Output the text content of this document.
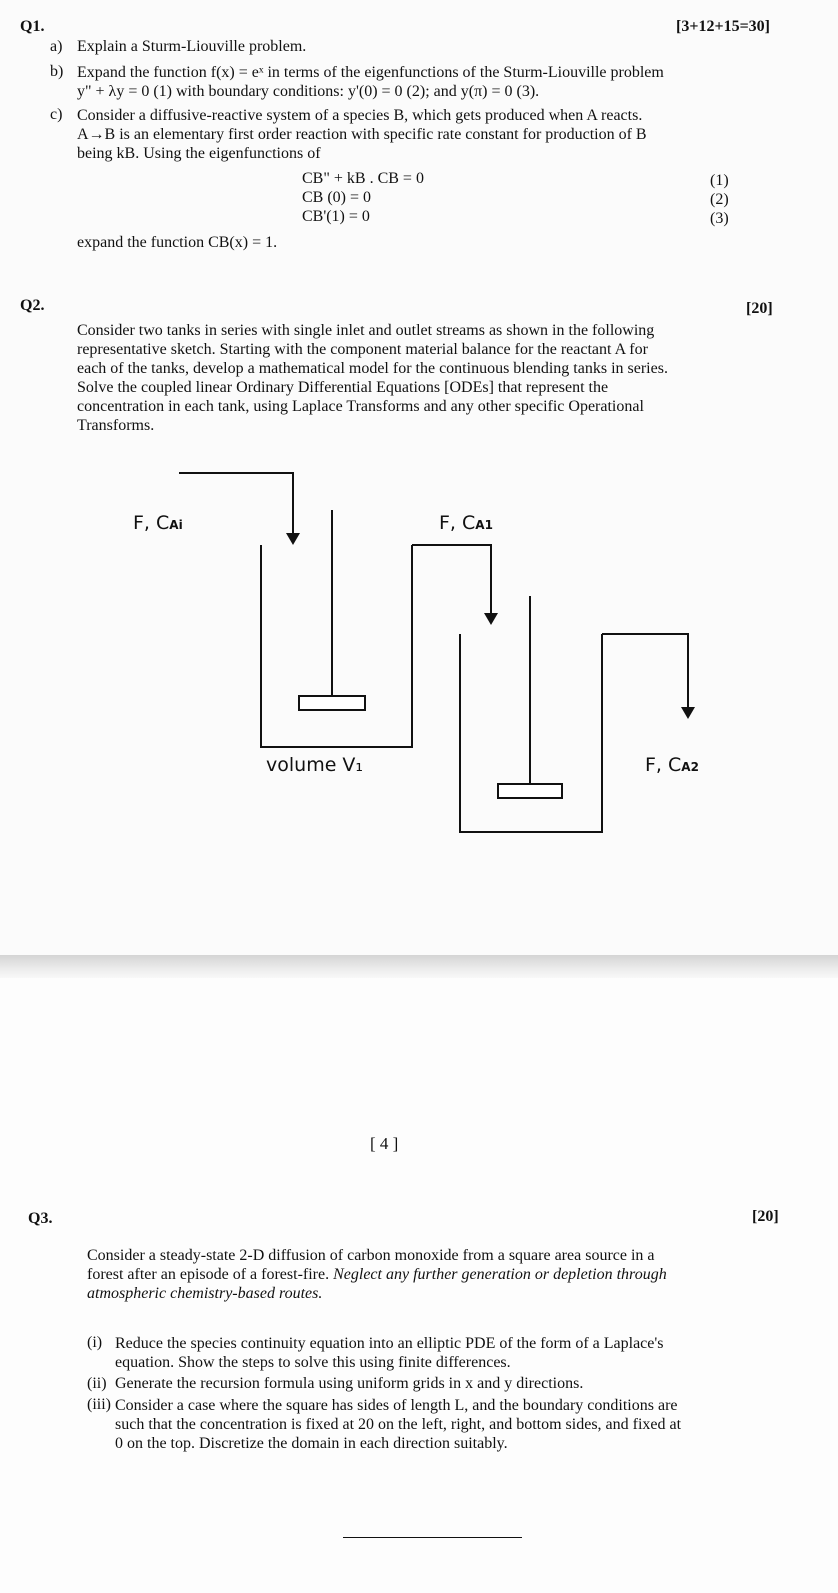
Q1.	[3+12+15=30]
a) Explain a Sturm-Liouville problem.
b) Expand the function f(x) = eˣ in terms of the eigenfunctions of the Sturm-Liouville problem
y" + λy = 0 (1) with boundary conditions: y'(0) = 0 (2); and y(π) = 0 (3).
c) Consider a diffusive-reactive system of a species B, which gets produced when A reacts.
A→B is an elementary first order reaction with specific rate constant for production of B
being kB. Using the eigenfunctions of
CB" + kB . CB = 0	(1)
CB (0) = 0	(2)
CB'(1) = 0	(3)
expand the function CB(x) = 1.
Q2.	[20]
Consider two tanks in series with single inlet and outlet streams as shown in the following
representative sketch. Starting with the component material balance for the reactant A for
each of the tanks, develop a mathematical model for the continuous blending tanks in series.
Solve the coupled linear Ordinary Differential Equations [ODEs] that represent the
concentration in each tank, using Laplace Transforms and any other specific Operational
Transforms.
F, CAi	F, CA1
volume V₁	F, CA2
[ 4 ]
Q3.	[20]
Consider a steady-state 2-D diffusion of carbon monoxide from a square area source in a
forest after an episode of a forest-fire. Neglect any further generation or depletion through
atmospheric chemistry-based routes.
(i) Reduce the species continuity equation into an elliptic PDE of the form of a Laplace's
equation. Show the steps to solve this using finite differences.
(ii) Generate the recursion formula using uniform grids in x and y directions.
(iii) Consider a case where the square has sides of length L, and the boundary conditions are
such that the concentration is fixed at 20 on the left, right, and bottom sides, and fixed at
0 on the top. Discretize the domain in each direction suitably.
